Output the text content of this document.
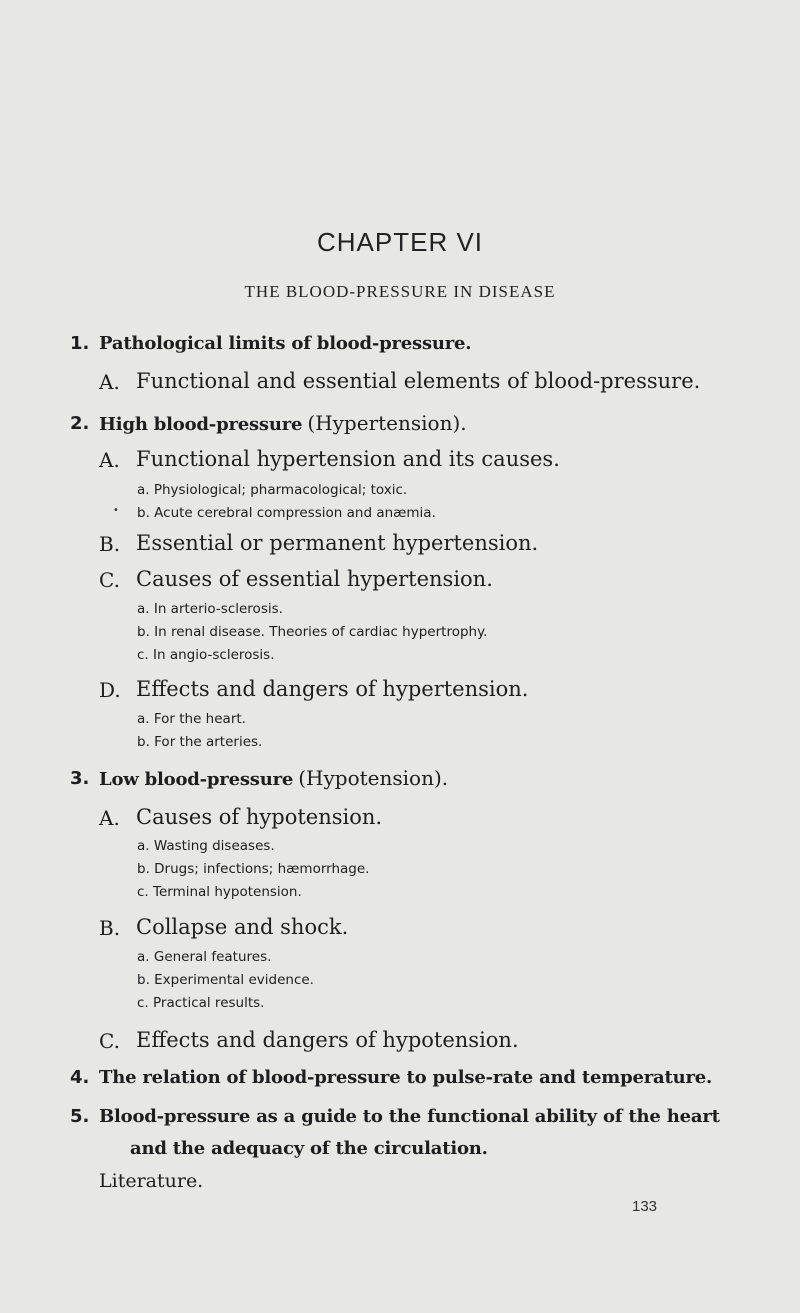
CHAPTER VI
THE BLOOD-PRESSURE IN DISEASE
1. Pathological limits of blood-pressure.
A. Functional and essential elements of blood-pressure.
2. High blood-pressure (Hypertension).
A. Functional hypertension and its causes.
a. Physiological; pharmacological; toxic.
• b. Acute cerebral compression and anæmia.
B. Essential or permanent hypertension.
C. Causes of essential hypertension.
a. In arterio-sclerosis.
b. In renal disease. Theories of cardiac hypertrophy.
c. In angio-sclerosis.
D. Effects and dangers of hypertension.
a. For the heart.
b. For the arteries.
3. Low blood-pressure (Hypotension).
A. Causes of hypotension.
a. Wasting diseases.
b. Drugs; infections; hæmorrhage.
c. Terminal hypotension.
B. Collapse and shock.
a. General features.
b. Experimental evidence.
c. Practical results.
C. Effects and dangers of hypotension.
4. The relation of blood-pressure to pulse-rate and temperature.
5. Blood-pressure as a guide to the functional ability of the heart
and the adequacy of the circulation.
Literature.
133
